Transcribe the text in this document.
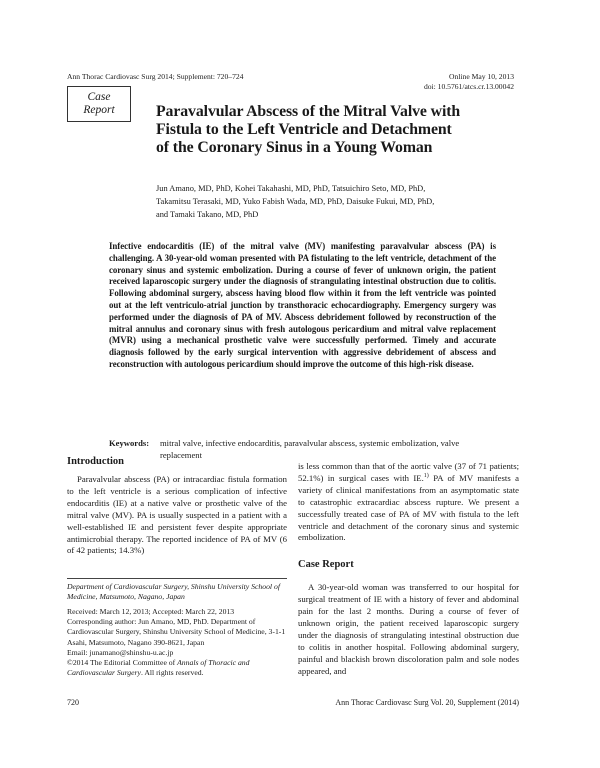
Ann Thorac Cardiovasc Surg 2014; Supplement: 720–724	Online May 10, 2013
doi: 10.5761/atcs.cr.13.00042
Case
Report	Paravalvular Abscess of the Mitral Valve with
Fistula to the Left Ventricle and Detachment
of the Coronary Sinus in a Young Woman
Jun Amano, MD, PhD, Kohei Takahashi, MD, PhD, Tatsuichiro Seto, MD, PhD,
Takamitsu Terasaki, MD, Yuko Fabish Wada, MD, PhD, Daisuke Fukui, MD, PhD,
and Tamaki Takano, MD, PhD
Infective endocarditis (IE) of the mitral valve (MV) manifesting paravalvular abscess (PA) is challenging. A 30-year-old woman presented with PA fistulating to the left ventricle, detachment of the coronary sinus and systemic embolization. During a course of fever of unknown origin, the patient received laparoscopic surgery under the diagnosis of strangulating intestinal obstruction due to colitis. Following abdominal surgery, abscess having blood flow within it from the left ventricle was pointed out at the left ventriculo-atrial junction by transthoracic echocardiography. Emergency surgery was performed under the diagnosis of PA of MV. Abscess debridement followed by reconstruction of the mitral annulus and coronary sinus with fresh autologous pericardium and mitral valve replacement (MVR) using a mechanical prosthetic valve were successfully performed. Timely and accurate diagnosis followed by the early surgical intervention with aggressive debridement of abscess and reconstruction with autologous pericardium should improve the outcome of this high-risk disease.
Keywords: mitral valve, infective endocarditis, paravalvular abscess, systemic embolization, valve replacement
Introduction

Paravalvular abscess (PA) or intracardiac fistula formation to the left ventricle is a serious complication of infective endocarditis (IE) at a native valve or prosthetic valve of the mitral valve (MV). PA is usually suspected in a patient with a well-established IE and persistent fever despite appropriate antimicrobial therapy. The reported incidence of PA of MV (6 of 42 patients; 14.3%)

is less common than that of the aortic valve (37 of 71 patients; 52.1%) in surgical cases with IE.$^{1)}$ PA of MV manifests a variety of clinical manifestations from an asymptomatic state to catastrophic extracardiac abscess rupture. We present a successfully treated case of PA of MV with fistula to the left ventricle and detachment of the coronary sinus and systemic embolization.

Case Report

A 30-year-old woman was transferred to our hospital for surgical treatment of IE with a history of fever and abdominal pain for the last 2 months. During a course of fever of unknown origin, the patient received laparoscopic surgery under the diagnosis of strangulating intestinal obstruction due to colitis in another hospital. Following abdominal surgery, painful and blackish brown discoloration palm and sole nodes appeared, and

Department of Cardiovascular Surgery, Shinshu University School of Medicine, Matsumoto, Nagano, Japan
Received: March 12, 2013; Accepted: March 22, 2013
Corresponding author: Jun Amano, MD, PhD. Department of Cardiovascular Surgery, Shinshu University School of Medicine, 3-1-1 Asahi, Matsumoto, Nagano 390-8621, Japan
Email: junamano@shinshu-u.ac.jp
©2014 The Editorial Committee of Annals of Thoracic and Cardiovascular Surgery. All rights reserved.
720	Ann Thorac Cardiovasc Surg Vol. 20, Supplement (2014)
